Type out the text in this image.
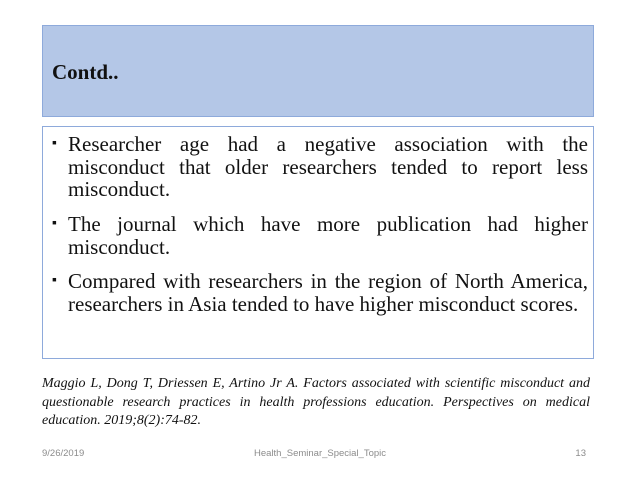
Contd..
▪ Researcher age had a negative association with the misconduct that older researchers tended to report less misconduct.
▪ The journal which have more publication had higher misconduct.
▪ Compared with researchers in the region of North America, researchers in Asia tended to have higher misconduct scores.
Maggio L, Dong T, Driessen E, Artino Jr A. Factors associated with scientific misconduct and questionable research practices in health professions education. Perspectives on medical education. 2019;8(2):74-82.
9/26/2019	Health_Seminar_Special_Topic	13
